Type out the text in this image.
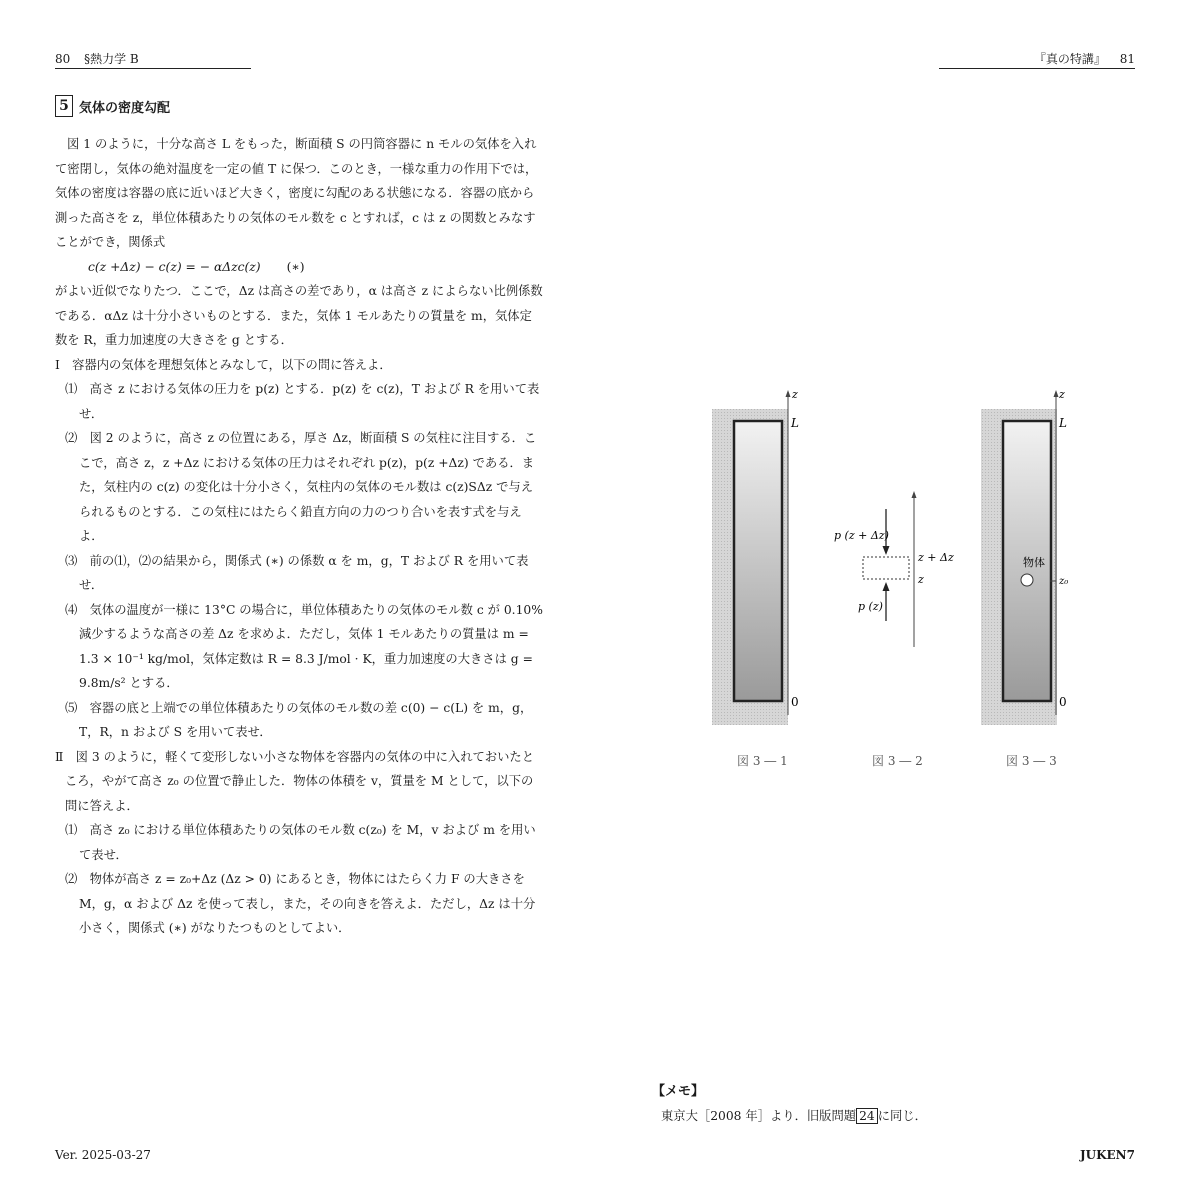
80 §熱力学 B
5 気体の密度勾配

図 1 のように，十分な高さ L をもった，断面積 S の円筒容器に n モルの気体を入れて密閉し，気体の絶対温度を一定の値 T に保つ．このとき，一様な重力の作用下では，気体の密度は容器の底に近いほど大きく，密度に勾配のある状態になる．容器の底から測った高さを z，単位体積あたりの気体のモル数を c とすれば，c は z の関数とみなすことができ，関係式

c(z +Δz) − c(z) = − αΔzc(z) (∗)

がよい近似でなりたつ．ここで，Δz は高さの差であり，α は高さ z によらない比例係数である．αΔz は十分小さいものとする．また，気体 1 モルあたりの質量を m，気体定数を R，重力加速度の大きさを g とする．

Ⅰ　容器内の気体を理想気体とみなして，以下の問に答えよ．

⑴　高さ z における気体の圧力を p(z) とする．p(z) を c(z)，T および R を用いて表せ．

⑵　図 2 のように，高さ z の位置にある，厚さ Δz，断面積 S の気柱に注目する．ここで，高さ z，z +Δz における気体の圧力はそれぞれ p(z)，p(z +Δz) である．また，気柱内の c(z) の変化は十分小さく，気柱内の気体のモル数は c(z)SΔz で与えられるものとする．この気柱にはたらく鉛直方向の力のつり合いを表す式を与えよ．

⑶　前の⑴，⑵の結果から，関係式 (∗) の係数 α を m，g，T および R を用いて表せ．

⑷　気体の温度が一様に 13°C の場合に，単位体積あたりの気体のモル数 c が 0.10% 減少するような高さの差 Δz を求めよ．ただし，気体 1 モルあたりの質量は m = 1.3 × 10⁻¹ kg/mol，気体定数は R = 8.3 J/mol · K，重力加速度の大きさは g = 9.8m/s² とする．

⑸　容器の底と上端での単位体積あたりの気体のモル数の差 c(0) − c(L) を m，g，T，R，n および S を用いて表せ．

Ⅱ　図 3 のように，軽くて変形しない小さな物体を容器内の気体の中に入れておいたところ，やがて高さ z₀ の位置で静止した．物体の体積を v，質量を M として，以下の問に答えよ．

⑴　高さ z₀ における単位体積あたりの気体のモル数 c(z₀) を M，v および m を用いて表せ．

⑵　物体が高さ z = z₀+Δz (Δz > 0) にあるとき，物体にはたらく力 F の大きさを M，g，α および Δz を使って表し，また，その向きを答えよ．ただし，Δz は十分小さく，関係式 (∗) がなりたつものとしてよい．

Ver. 2025-03-27
『真の特講』 81
JUKEN7
z
L
0
p (z + Δz)
p (z)
z + Δz
z
z
L
0
物体
z₀
図 3 ― 1	図 3 ― 2	図 3 ― 3
【メモ】
東京大［2008 年］より．旧版問題 24 に同じ．
